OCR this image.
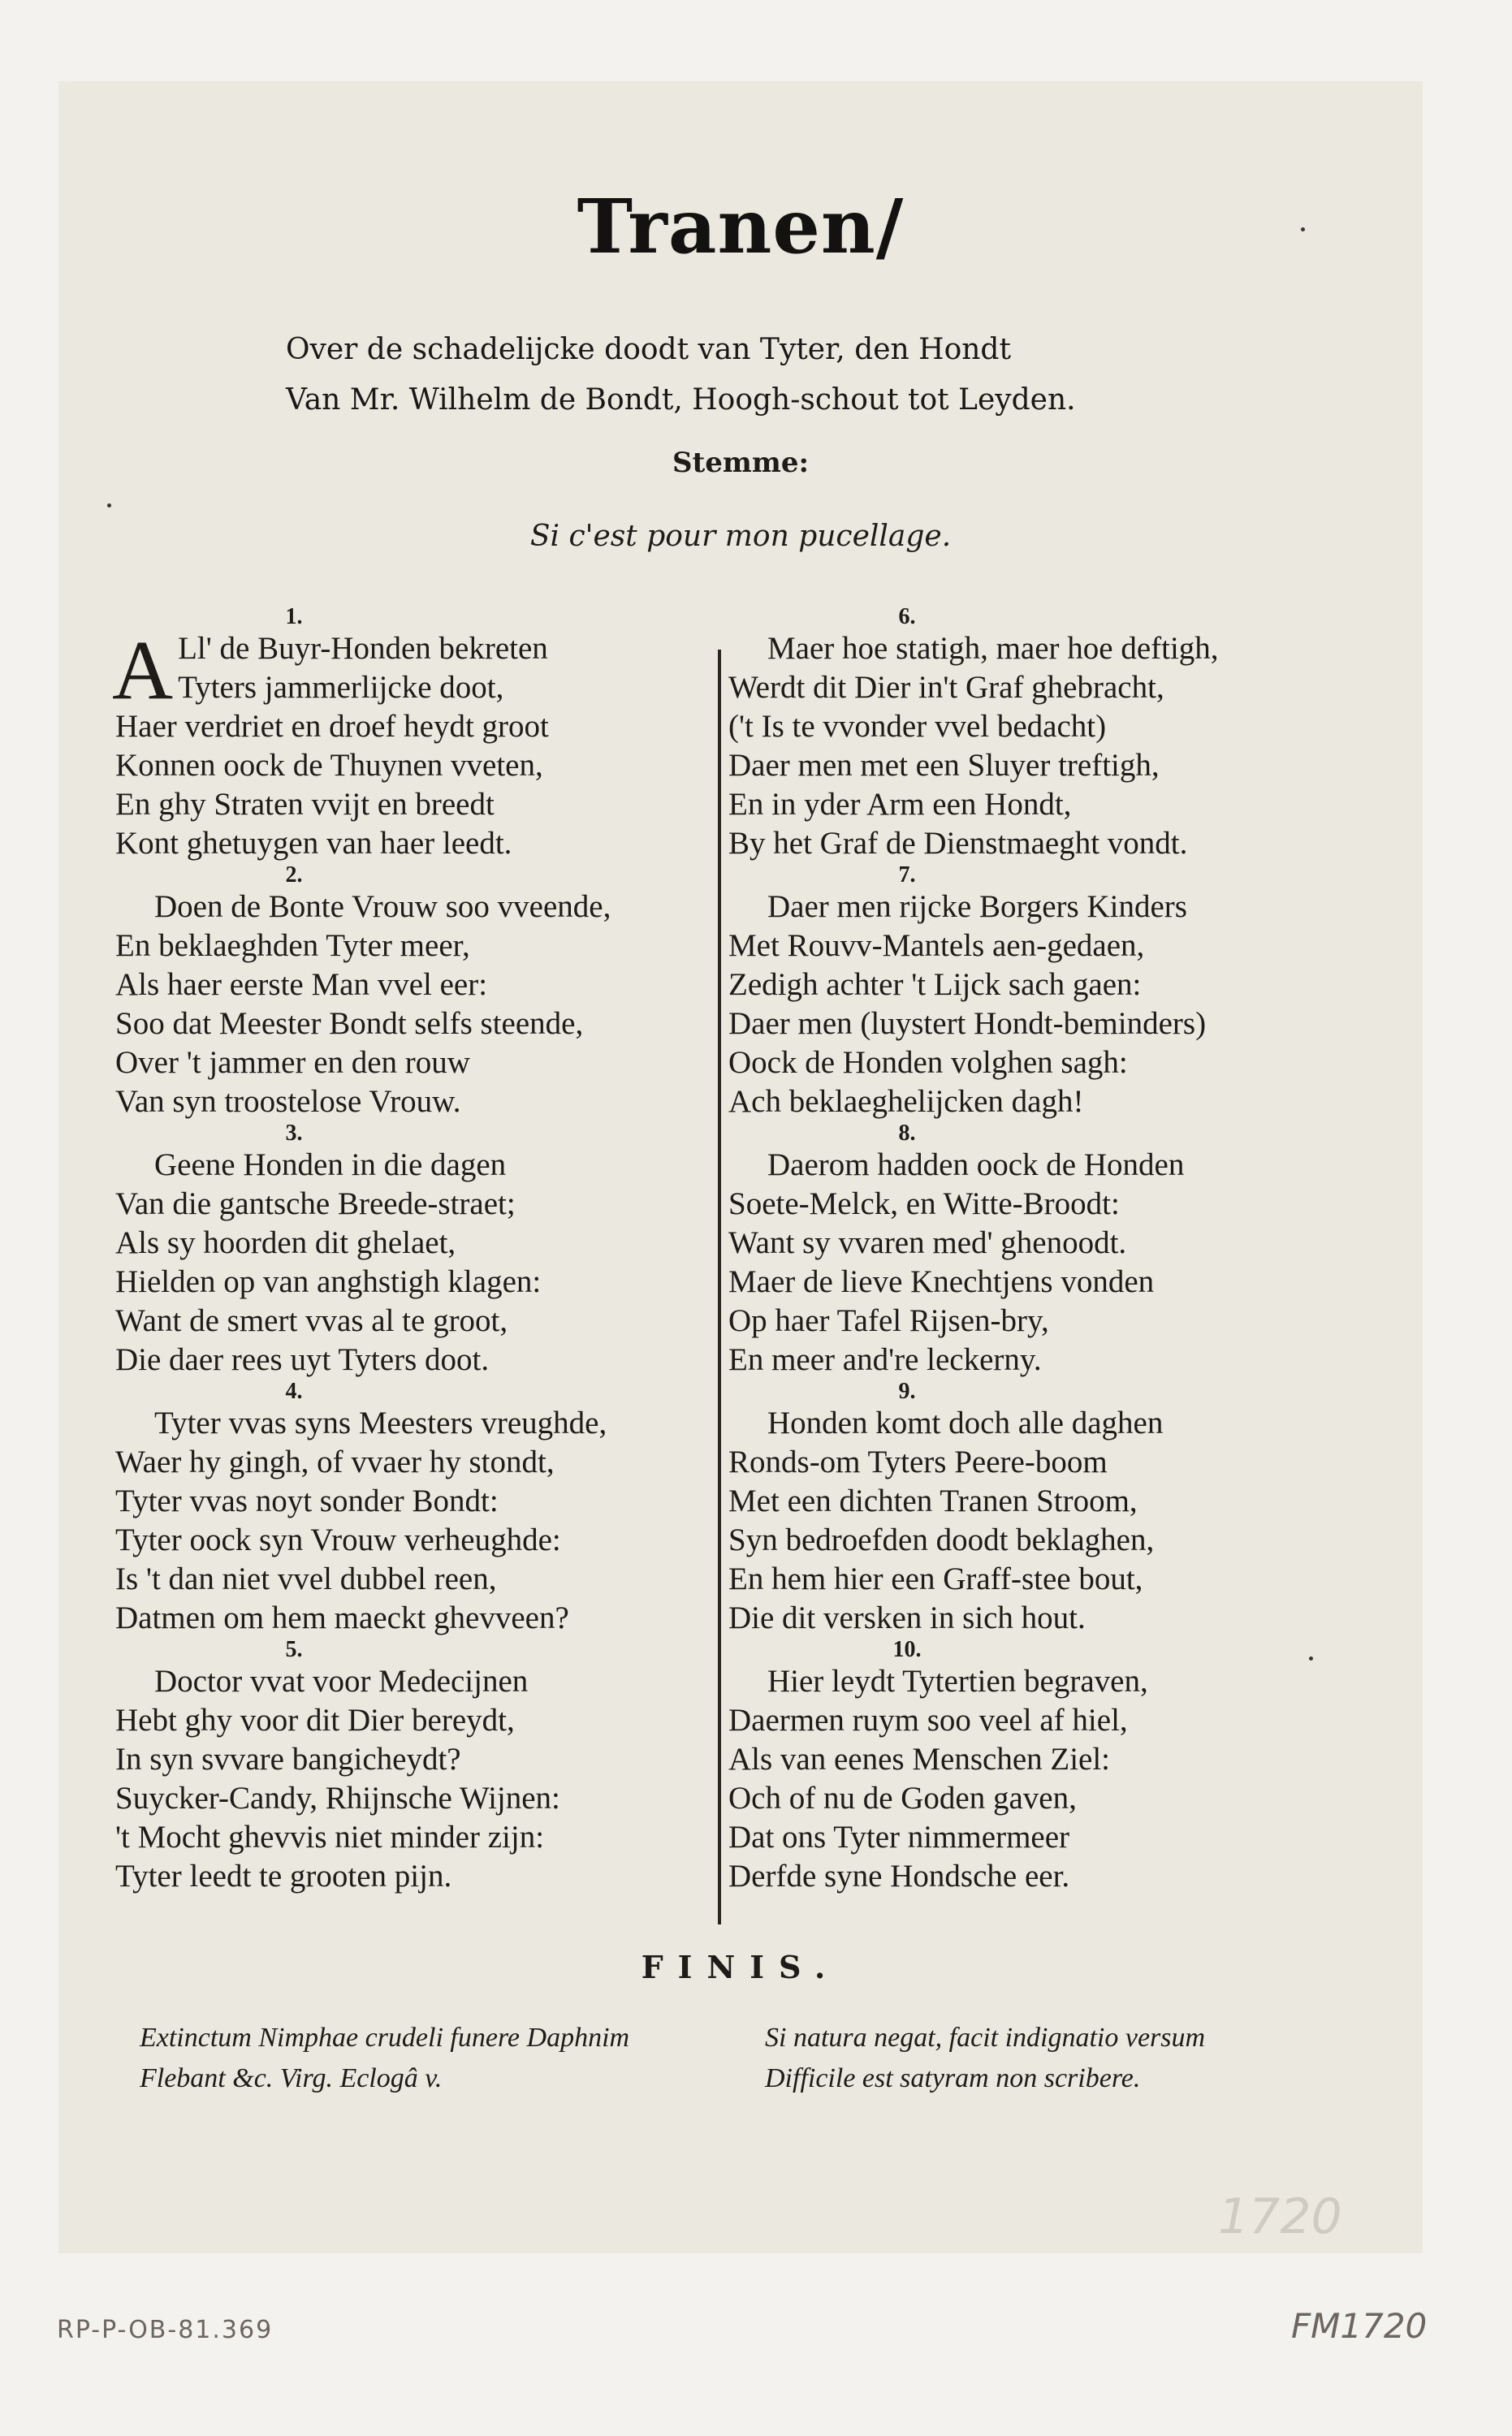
Tranen/
Over de schadelijcke doodt van Tyter, den Hondt
Van Mr. Wilhelm de Bondt, Hoogh-schout tot Leyden.
Stemme:
Si c'est pour mon pucellage.
1.
A Ll' de Buyr-Honden bekreten
Tyters jammerlijcke doot,
Haer verdriet en droef heydt groot
Konnen oock de Thuynen vveten,
En ghy Straten vvijt en breedt
Kont ghetuygen van haer leedt.
2.
Doen de Bonte Vrouw soo vveende,
En beklaeghden Tyter meer,
Als haer eerste Man vvel eer:
Soo dat Meester Bondt selfs steende,
Over 't jammer en den rouw
Van syn troostelose Vrouw.
3.
Geene Honden in die dagen
Van die gantsche Breede-straet;
Als sy hoorden dit ghelaet,
Hielden op van anghstigh klagen:
Want de smert vvas al te groot,
Die daer rees uyt Tyters doot.
4.
Tyter vvas syns Meesters vreughde,
Waer hy gingh, of vvaer hy stondt,
Tyter vvas noyt sonder Bondt:
Tyter oock syn Vrouw verheughde:
Is 't dan niet vvel dubbel reen,
Datmen om hem maeckt ghevveen?
5.
Doctor vvat voor Medecijnen
Hebt ghy voor dit Dier bereydt,
In syn svvare bangicheydt?
Suycker-Candy, Rhijnsche Wijnen:
't Mocht ghevvis niet minder zijn:
Tyter leedt te grooten pijn.
6.
Maer hoe statigh, maer hoe deftigh,
Werdt dit Dier in't Graf ghebracht,
('t Is te vvonder vvel bedacht)
Daer men met een Sluyer treftigh,
En in yder Arm een Hondt,
By het Graf de Dienstmaeght vondt.
7.
Daer men rijcke Borgers Kinders
Met Rouvv-Mantels aen-gedaen,
Zedigh achter 't Lijck sach gaen:
Daer men (luystert Hondt-beminders)
Oock de Honden volghen sagh:
Ach beklaeghelijcken dagh!
8.
Daerom hadden oock de Honden
Soete-Melck, en Witte-Broodt:
Want sy vvaren med' ghenoodt.
Maer de lieve Knechtjens vonden
Op haer Tafel Rijsen-bry,
En meer and're leckerny.
9.
Honden komt doch alle daghen
Ronds-om Tyters Peere-boom
Met een dichten Tranen Stroom,
Syn bedroefden doodt beklaghen,
En hem hier een Graff-stee bout,
Die dit versken in sich hout.
10.
Hier leydt Tytertien begraven,
Daermen ruym soo veel af hiel,
Als van eenes Menschen Ziel:
Och of nu de Goden gaven,
Dat ons Tyter nimmermeer
Derfde syne Hondsche eer.
FINIS.
Extinctum Nimphae crudeli funere Daphnim
Flebant &c. Virg. Eclogâ v.
Si natura negat, facit indignatio versum
Difficile est satyram non scribere.
1720
RP-P-OB-81.369	FM1720
